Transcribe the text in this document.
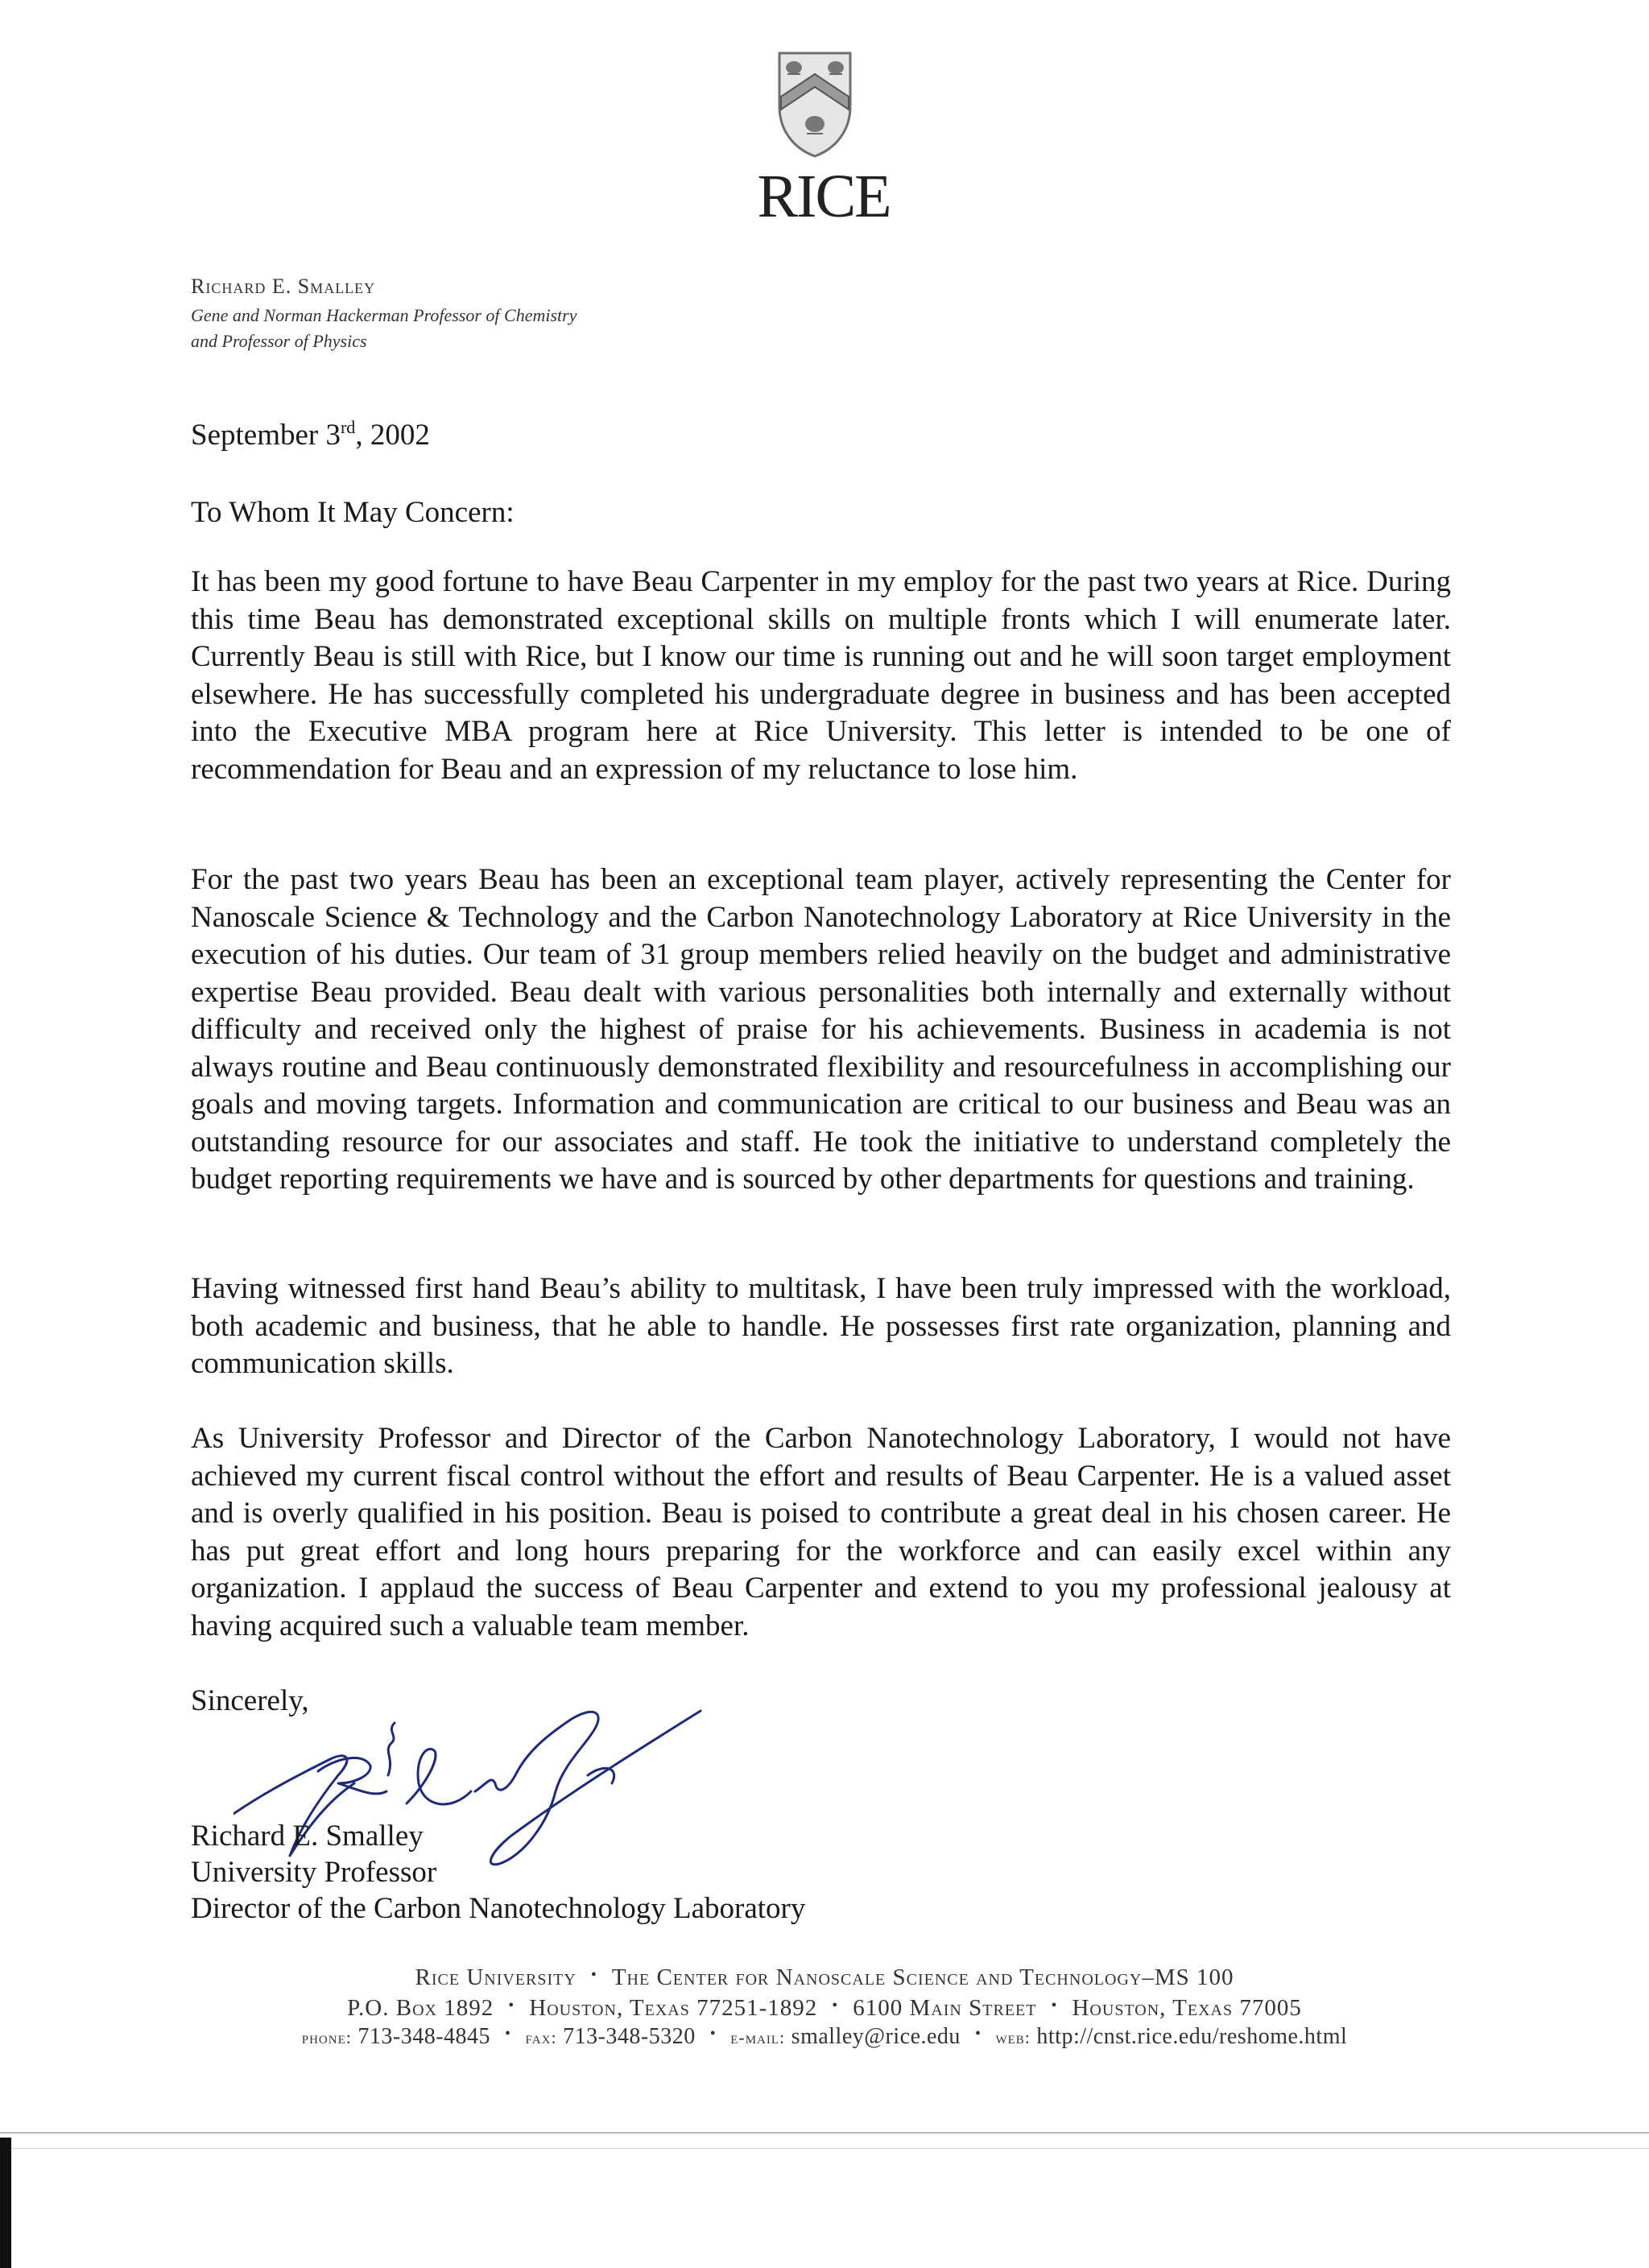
RICE
Richard E. Smalley
Gene and Norman Hackerman Professor of Chemistry
and Professor of Physics
September 3rd, 2002
To Whom It May Concern:

It has been my good fortune to have Beau Carpenter in my employ for the past two years at Rice. During this time Beau has demonstrated exceptional skills on multiple fronts which I will enumerate later. Currently Beau is still with Rice, but I know our time is running out and he will soon target employment elsewhere. He has successfully completed his undergraduate degree in business and has been accepted into the Executive MBA program here at Rice University. This letter is intended to be one of recommendation for Beau and an expression of my reluctance to lose him.

For the past two years Beau has been an exceptional team player, actively representing the Center for Nanoscale Science & Technology and the Carbon Nanotechnology Laboratory at Rice University in the execution of his duties. Our team of 31 group members relied heavily on the budget and administrative expertise Beau provided. Beau dealt with various personalities both internally and externally without difficulty and received only the highest of praise for his achievements. Business in academia is not always routine and Beau continuously demonstrated flexibility and resourcefulness in accomplishing our goals and moving targets. Information and communication are critical to our business and Beau was an outstanding resource for our associates and staff. He took the initiative to understand completely the budget reporting requirements we have and is sourced by other departments for questions and training.

Having witnessed first hand Beau’s ability to multitask, I have been truly impressed with the workload, both academic and business, that he able to handle. He possesses first rate organization, planning and communication skills.

As University Professor and Director of the Carbon Nanotechnology Laboratory, I would not have achieved my current fiscal control without the effort and results of Beau Carpenter. He is a valued asset and is overly qualified in his position. Beau is poised to contribute a great deal in his chosen career. He has put great effort and long hours preparing for the workforce and can easily excel within any organization. I applaud the success of Beau Carpenter and extend to you my professional jealousy at having acquired such a valuable team member.

Sincerely,
Richard E. Smalley
University Professor
Director of the Carbon Nanotechnology Laboratory
Rice University • The Center for Nanoscale Science and Technology–MS 100
P.O. Box 1892 • Houston, Texas 77251-1892 • 6100 Main Street • Houston, Texas 77005
phone: 713-348-4845 • fax: 713-348-5320 • e-mail: smalley@rice.edu • web: http://cnst.rice.edu/reshome.html
